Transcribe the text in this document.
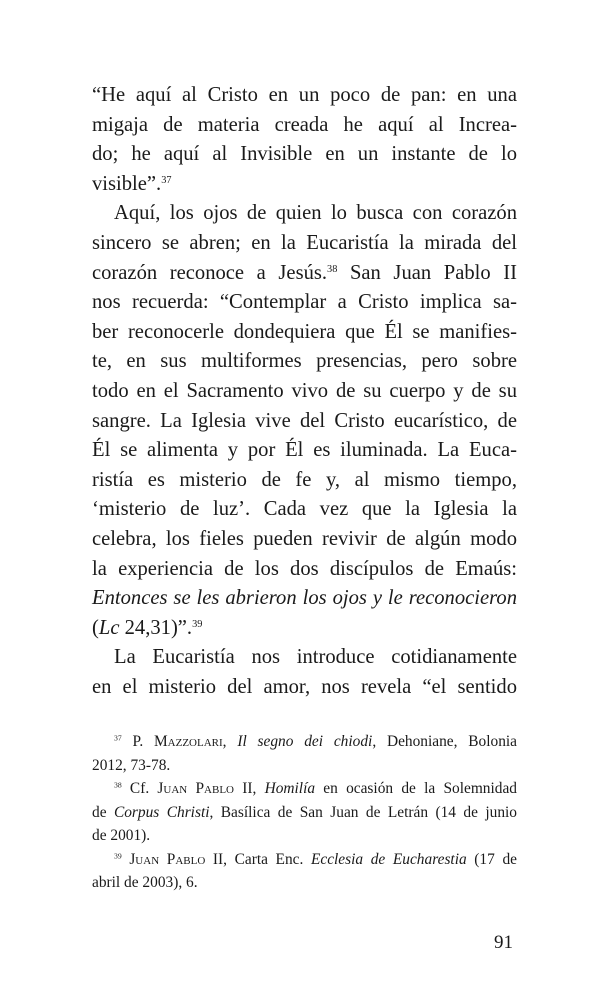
“He aquí al Cristo en un poco de pan: en una
migaja de materia creada he aquí al Increa-
do; he aquí al Invisible en un instante de lo
visible”.$^{37}$
Aquí, los ojos de quien lo busca con corazón
sincero se abren; en la Eucaristía la mirada del
corazón reconoce a Jesús.$^{38}$ San Juan Pablo II
nos recuerda: “Contemplar a Cristo implica sa-
ber reconocerle dondequiera que Él se manifies-
te, en sus multiformes presencias, pero sobre
todo en el Sacramento vivo de su cuerpo y de su
sangre. La Iglesia vive del Cristo eucarístico, de
Él se alimenta y por Él es iluminada. La Euca-
ristía es misterio de fe y, al mismo tiempo,
‘misterio de luz’. Cada vez que la Iglesia la
celebra, los fieles pueden revivir de algún modo
la experiencia de los dos discípulos de Emaús:
Entonces se les abrieron los ojos y le reconocieron
(Lc 24,31)”.$^{39}$
La Eucaristía nos introduce cotidianamente
en el misterio del amor, nos revela “el sentido
$^{37}$ P. Mazzolari, Il segno dei chiodi, Dehoniane, Bolonia
2012, 73-78.
$^{38}$ Cf. Juan Pablo II, Homilía en ocasión de la Solemnidad
de Corpus Christi, Basílica de San Juan de Letrán (14 de junio
de 2001).
$^{39}$ Juan Pablo II, Carta Enc. Ecclesia de Eucharestia (17 de
abril de 2003), 6.
91
